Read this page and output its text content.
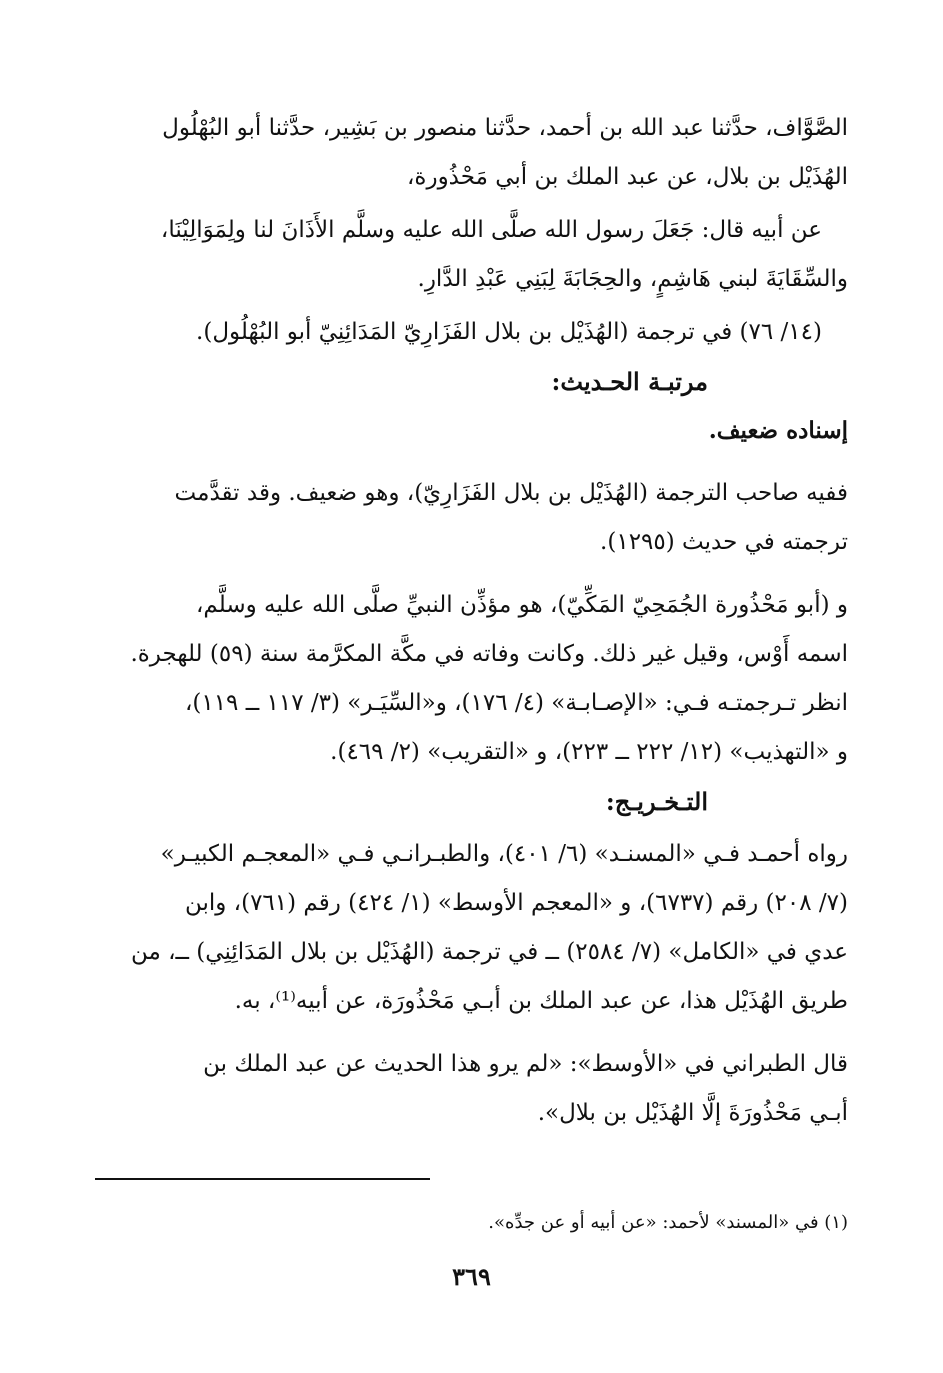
الصَّوَّاف، حدَّثنا عبد الله بن أحمد، حدَّثنا منصور بن بَشِير، حدَّثنا أبو البُهْلُول
الهُذَيْل بن بلال، عن عبد الملك بن أبي مَحْذُورة،

عن أبيه قال: جَعَلَ رسول الله صلَّى الله عليه وسلَّم الأَذَانَ لنا ولِمَوَالِيْنَا،
والسِّقَايَةَ لبني هَاشِمٍ، والحِجَابَةَ لِبَنِي عَبْدِ الدَّارِ.

(١٤/ ٧٦) في ترجمة (الهُذَيْل بن بلال الفَزَارِيّ المَدَائِنِيّ أبو البُهْلُول).

مرتبـة الحـديث:

إسناده ضعيف.

ففيه صاحب الترجمة (الهُذَيْل بن بلال الفَزَارِيّ)، وهو ضعيف. وقد تقدَّمت
ترجمته في حديث (١٢٩٥).

و (أبو مَحْذُورة الجُمَحِيّ المَكِّيّ)، هو مؤذِّن النبيِّ صلَّى الله عليه وسلَّم،
اسمه أَوْس، وقيل غير ذلك. وكانت وفاته في مكَّة المكرَّمة سنة (٥٩) للهجرة.
انظر تـرجمتـه فـي: «الإصـابـة» (٤/ ١٧٦)، و«السِّيَـر» (٣/ ١١٧ ــ ١١٩)،
و «التهذيب» (١٢/ ٢٢٢ ــ ٢٢٣)، و «التقريب» (٢/ ٤٦٩).

التـخـريـج:

رواه أحمـد فـي «المسنـد» (٦/ ٤٠١)، والطبـرانـي فـي «المعجـم الكبيـر»
(٧/ ٢٠٨) رقم (٦٧٣٧)، و «المعجم الأوسط» (١/ ٤٢٤) رقم (٧٦١)، وابن
عدي في «الكامل» (٧/ ٢٥٨٤) ــ في ترجمة (الهُذَيْل بن بلال المَدَائِنِي) ــ، من
طريق الهُذَيْل هذا، عن عبد الملك بن أبـي مَحْذُورَة، عن أبيه⁽¹⁾، به.

قال الطبراني في «الأوسط»: «لم يرو هذا الحديث عن عبد الملك بن
أبـي مَحْذُورَةَ إلَّا الهُذَيْل بن بلال».

(١) في «المسند» لأحمد: «عن أبيه أو عن جدِّه».

٣٦٩
